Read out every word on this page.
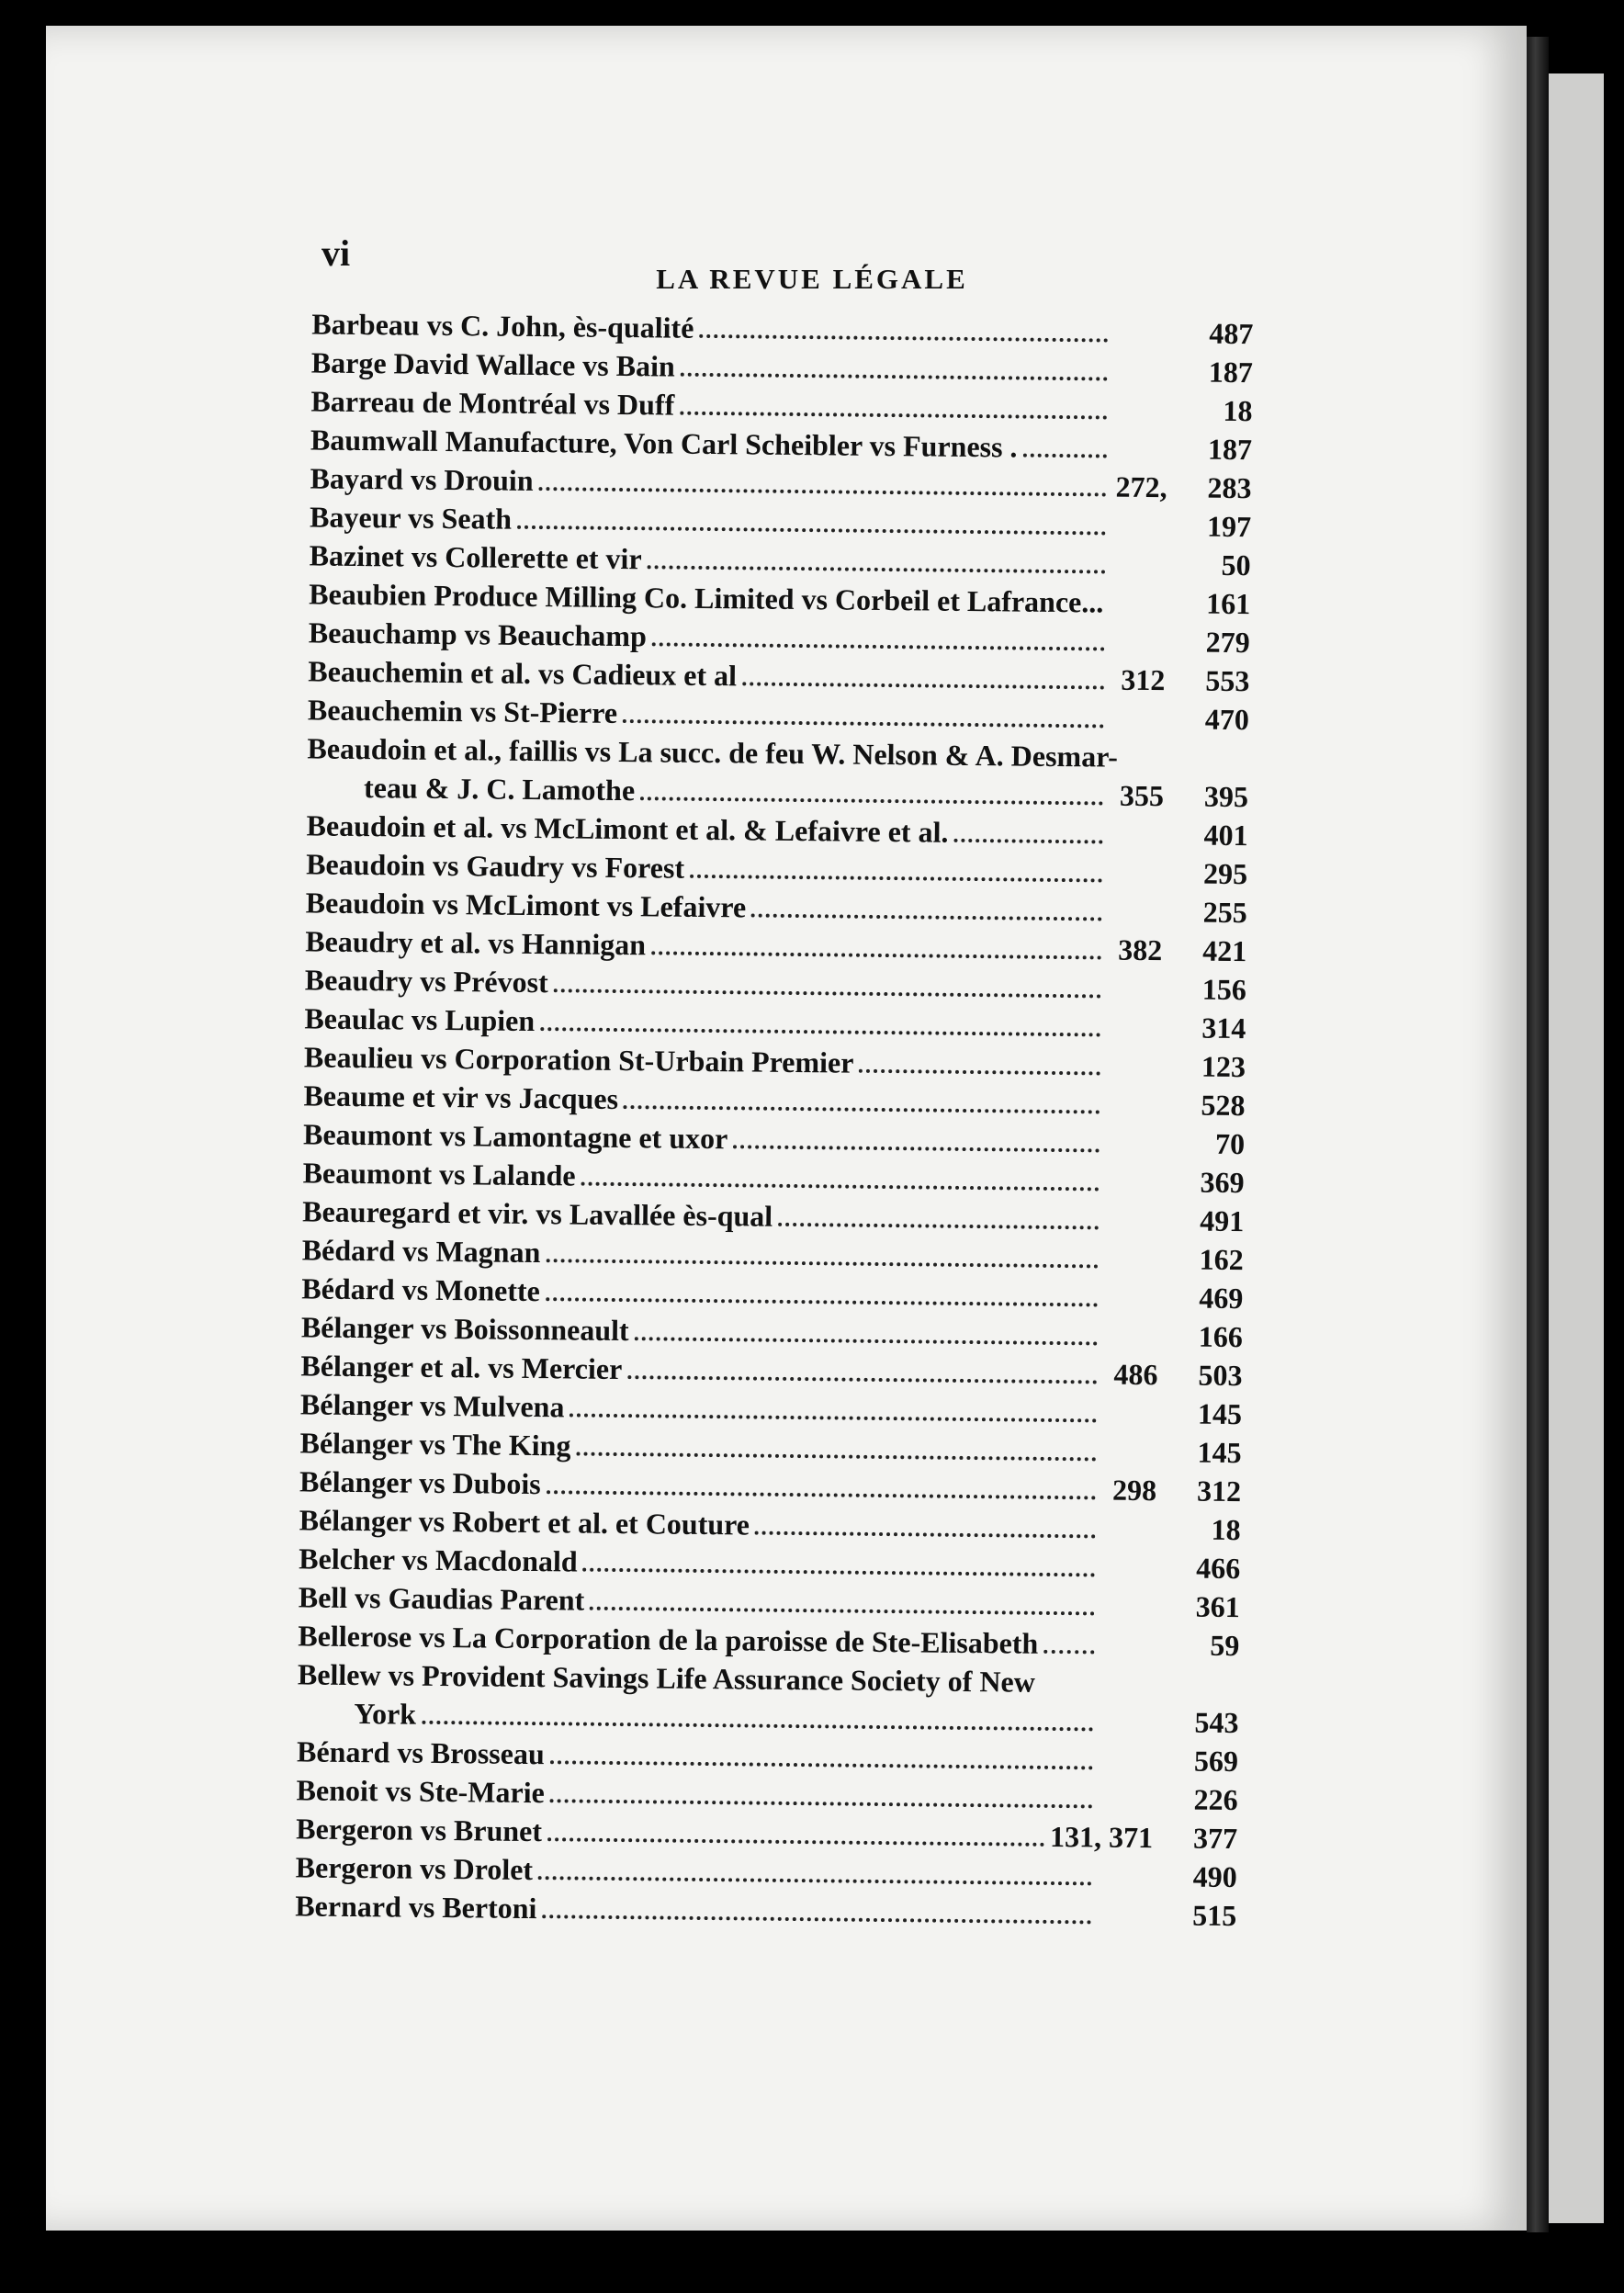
vi
LA REVUE LÉGALE
Barbeau vs C. John, ès-qualité	487
Barge David Wallace vs Bain	187
Barreau de Montréal vs Duff	18
Baumwall Manufacture, Von Carl Scheibler vs Furness .	187
Bayard vs Drouin	272,	283
Bayeur vs Seath	197
Bazinet vs Collerette et vir	50
Beaubien Produce Milling Co. Limited vs Corbeil et Lafrance...	161
Beauchamp vs Beauchamp	279
Beauchemin et al. vs Cadieux et al	312	553
Beauchemin vs St-Pierre	470
Beaudoin et al., faillis vs La succ. de feu W. Nelson & A. Desmar-
teau & J. C. Lamothe	355	395
Beaudoin et al. vs McLimont et al. & Lefaivre et al.	401
Beaudoin vs Gaudry vs Forest	295
Beaudoin vs McLimont vs Lefaivre	255
Beaudry et al. vs Hannigan	382	421
Beaudry vs Prévost	156
Beaulac vs Lupien	314
Beaulieu vs Corporation St-Urbain Premier	123
Beaume et vir vs Jacques	528
Beaumont vs Lamontagne et uxor	70
Beaumont vs Lalande	369
Beauregard et vir. vs Lavallée ès-qual	491
Bédard vs Magnan	162
Bédard vs Monette	469
Bélanger vs Boissonneault	166
Bélanger et al. vs Mercier	486	503
Bélanger vs Mulvena	145
Bélanger vs The King	145
Bélanger vs Dubois	298	312
Bélanger vs Robert et al. et Couture	18
Belcher vs Macdonald	466
Bell vs Gaudias Parent	361
Bellerose vs La Corporation de la paroisse de Ste-Elisabeth	59
Bellew vs Provident Savings Life Assurance Society of New
York	543
Bénard vs Brosseau	569
Benoit vs Ste-Marie	226
Bergeron vs Brunet	131, 371	377
Bergeron vs Drolet	490
Bernard vs Bertoni	515
